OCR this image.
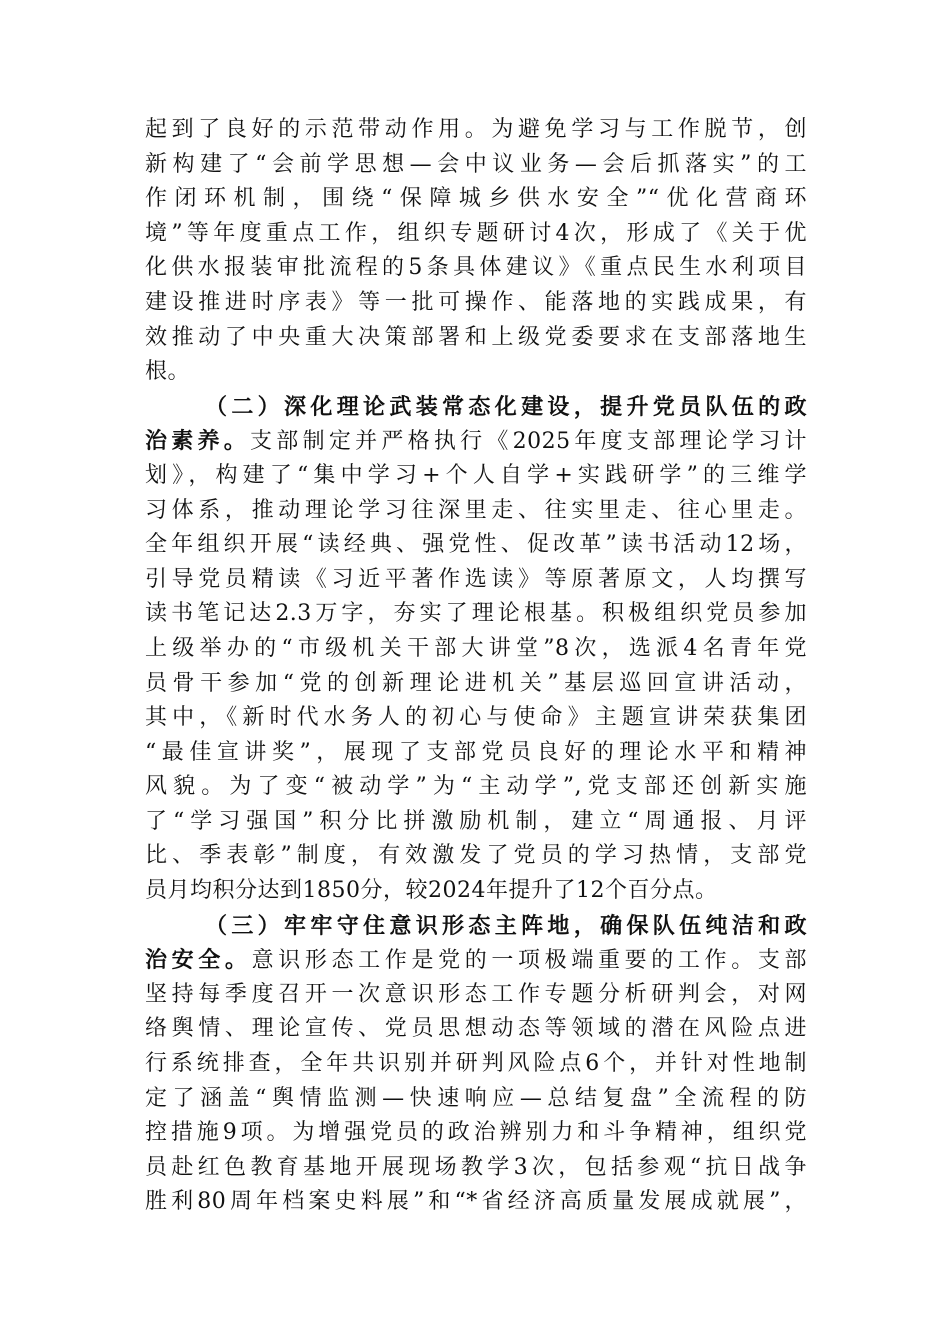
起到了良好的示范带动作用。为避免学习与工作脱节，创
新构建了“会前学思想—会中议业务—会后抓落实”的工
作闭环机制，围绕“保障城乡供水安全”“优化营商环
境”等年度重点工作，组织专题研讨4次，形成了《关于优
化供水报装审批流程的5条具体建议》《重点民生水利项目
建设推进时序表》等一批可操作、能落地的实践成果，有
效推动了中央重大决策部署和上级党委要求在支部落地生
根。
（二）深化理论武装常态化建设，提升党员队伍的政
治素养。支部制定并严格执行《2025年度支部理论学习计
划》，构建了“集中学习+个人自学+实践研学”的三维学
习体系，推动理论学习往深里走、往实里走、往心里走。
全年组织开展“读经典、强党性、促改革”读书活动12场，
引导党员精读《习近平著作选读》等原著原文，人均撰写
读书笔记达2.3万字，夯实了理论根基。积极组织党员参加
上级举办的“市级机关干部大讲堂”8次，选派4名青年党
员骨干参加“党的创新理论进机关”基层巡回宣讲活动，
其中，《新时代水务人的初心与使命》主题宣讲荣获集团
“最佳宣讲奖”，展现了支部党员良好的理论水平和精神
风貌。为了变“被动学”为“主动学”,党支部还创新实施
了“学习强国”积分比拼激励机制，建立“周通报、月评
比、季表彰”制度，有效激发了党员的学习热情，支部党
员月均积分达到1850分，较2024年提升了12个百分点。
（三）牢牢守住意识形态主阵地，确保队伍纯洁和政
治安全。意识形态工作是党的一项极端重要的工作。支部
坚持每季度召开一次意识形态工作专题分析研判会，对网
络舆情、理论宣传、党员思想动态等领域的潜在风险点进
行系统排查，全年共识别并研判风险点6个，并针对性地制
定了涵盖“舆情监测—快速响应—总结复盘”全流程的防
控措施9项。为增强党员的政治辨别力和斗争精神，组织党
员赴红色教育基地开展现场教学3次，包括参观“抗日战争
胜利80周年档案史料展”和“*省经济高质量发展成就展”，
